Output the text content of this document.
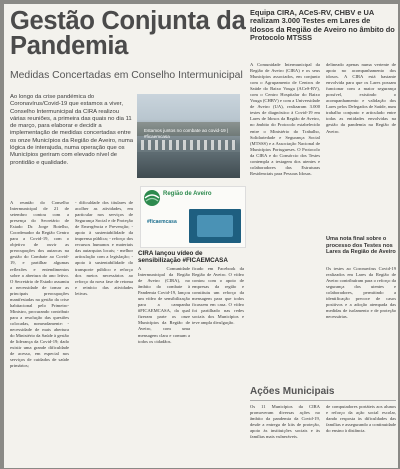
Gestão Conjunta da Pandemia

Medidas Concertadas em Conselho Intermunicipal

Ao longo da crise pandémica do Coronavírus/Covid-19 que estamos a viver, Conselho Intermunicipal da CIRA realizou várias reuniões, a primeira das quais no dia 11 de março, para elaborar e decidir a implementação de medidas concertadas entre os onze Municípios da Região de Aveiro, numa lógica de interajuda, numa operação que os Municípios geriram com elevado nível de prontidão e qualidade.

Estamos juntos no combate ao covid-19 | #ficaemcasa

A reunião do Conselho Intermunicipal de 21 de setembro contou com a presença do Secretário de Estado Dr. Jorge Botelho, Coordenador da Região Centro para a Covid-19, com o objetivo de ouvir as preocupações dos autarcas na gestão do Combate ao Covid-19, e partilhar algumas reflexões e entendimentos sobre a abertura do ano letivo. O Secretário de Estado assumiu a necessidade de tomar as principais preocupações manifestadas na gestão da crise habitacional pelo Primeiro-Ministro, procurando contribuir para a resolução das questões colocadas, nomeadamente: - necessidade de mais abertura do Ministério da Saúde à gestão de liderança da Covid-19; dado existir uma grande dificuldade de acesso, em especial nos serviços de cuidados de saúde primários;

- dificuldade dos titulares de acolher as atividades, em particular nos serviços de Segurança Social e de Proteção de Emergência e Prevenção; - apoio à sustentabilidade da imprensa pública; - reforço dos recursos humanos e materiais das autarquias locais; - melhor articulação com a legislação; - apoio à sustentabilidade do transporte público e reforço dos meios necessários ao reforço da nova fase de retoma e reinício das atividades letivas.

Região de Aveiro

#ficaemcasa

CIRA lançou vídeo de sensibilização #FICAEMCASA

A Comunidade Intermunicipal da Região de Aveiro (CIRA), no âmbito do combate à Pandemia Covid-19, lançou um vídeo de sensibilização para a campanha #FICAEMCASA, da qual fizeram parte os onze Municípios da Região de Aveiro, com uma mensagem clara e comum a todos os cidadãos.

ficado em Facebook da Região de Aveiro. O vídeo contou com o apoio de empresas da região e constituiu um reforço da mensagem para que todos ficassem em casa. O vídeo foi partilhado nas redes sociais dos Municípios e teve ampla divulgação.

Equipa CIRA, ACeS-RV, CHBV e UA realizam 3.000 Testes em Lares de Idosos da Região de Aveiro no âmbito do Protocolo MTSSS

A Comunidade Intermunicipal da Região de Aveiro (CIRA) e os seus Municípios associados, em conjunto com o Agrupamento de Centros de Saúde do Baixo Vouga (ACeS-BV), com o Centro Hospitalar do Baixo Vouga (CHBV) e com a Universidade de Aveiro (UA), realizaram 3.000 testes de diagnóstico à Covid-19 em Lares de Idosos da Região de Aveiro, no âmbito do Protocolo estabelecido entre o Ministério do Trabalho, Solidariedade e Segurança Social (MTSSS) e a Associação Nacional de Municípios Portugueses. O Protocolo da CIRA e do Consórcio dos Testes contempla a testagem dos utentes e colaboradores das Estruturas Residenciais para Pessoas Idosas.

delineado apenas numa vertente de apoio no acompanhamento dos idosos. A CIRA está bastante envolvida para que os Lares possam funcionar com a maior segurança possível, existindo o acompanhamento e validação dos Lares pelos Delegados de Saúde, num trabalho conjunto e articulado entre todas as entidades envolvidas na gestão da pandemia na Região de Aveiro.

Uma nota final sobre o processo dos Testes nos Lares da Região de Aveiro

Os testes ao Coronavírus Covid-19 realizados em Lares da Região de Aveiro contribuíram para o reforço da segurança dos utentes e colaboradores, permitindo a identificação precoce de casos positivos e a adoção atempada das medidas de isolamento e de proteção necessárias.

Ações Municipais

Os 11 Municípios da CIRA promoveram diversas ações no âmbito da pandemia da Covid-19, desde a entrega de kits de proteção, apoio às instituições sociais e às famílias mais vulneráveis.

de computadores portáteis aos alunos e reforço da ação social escolar, dando resposta às dificuldades das famílias e assegurando a continuidade do ensino à distância.
